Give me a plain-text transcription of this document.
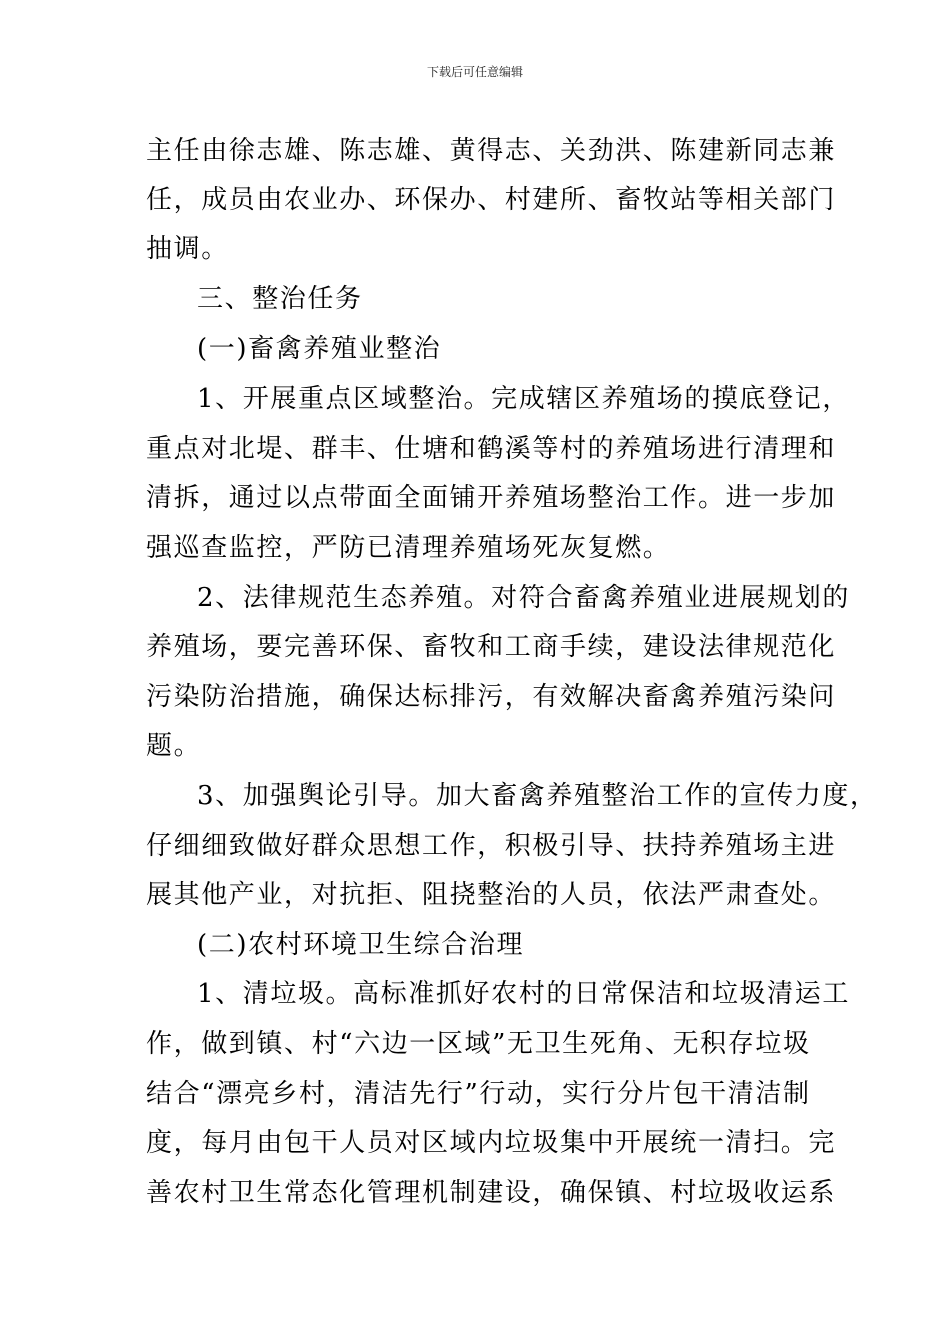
下载后可任意编辑
主任由徐志雄、陈志雄、黄得志、关劲洪、陈建新同志兼
任，成员由农业办、环保办、村建所、畜牧站等相关部门
抽调。
三、整治任务
(一)畜禽养殖业整治
1、开展重点区域整治。完成辖区养殖场的摸底登记，
重点对北堤、群丰、仕塘和鹤溪等村的养殖场进行清理和
清拆，通过以点带面全面铺开养殖场整治工作。进一步加
强巡查监控，严防已清理养殖场死灰复燃。
2、法律规范生态养殖。对符合畜禽养殖业进展规划的
养殖场，要完善环保、畜牧和工商手续，建设法律规范化
污染防治措施，确保达标排污，有效解决畜禽养殖污染问
题。
3、加强舆论引导。加大畜禽养殖整治工作的宣传力度，
仔细细致做好群众思想工作，积极引导、扶持养殖场主进
展其他产业，对抗拒、阻挠整治的人员，依法严肃查处。
(二)农村环境卫生综合治理
1、清垃圾。高标准抓好农村的日常保洁和垃圾清运工
作，做到镇、村“六边一区域”无卫生死角、无积存垃圾
结合“漂亮乡村，清洁先行”行动，实行分片包干清洁制
度，每月由包干人员对区域内垃圾集中开展统一清扫。完
善农村卫生常态化管理机制建设，确保镇、村垃圾收运系
